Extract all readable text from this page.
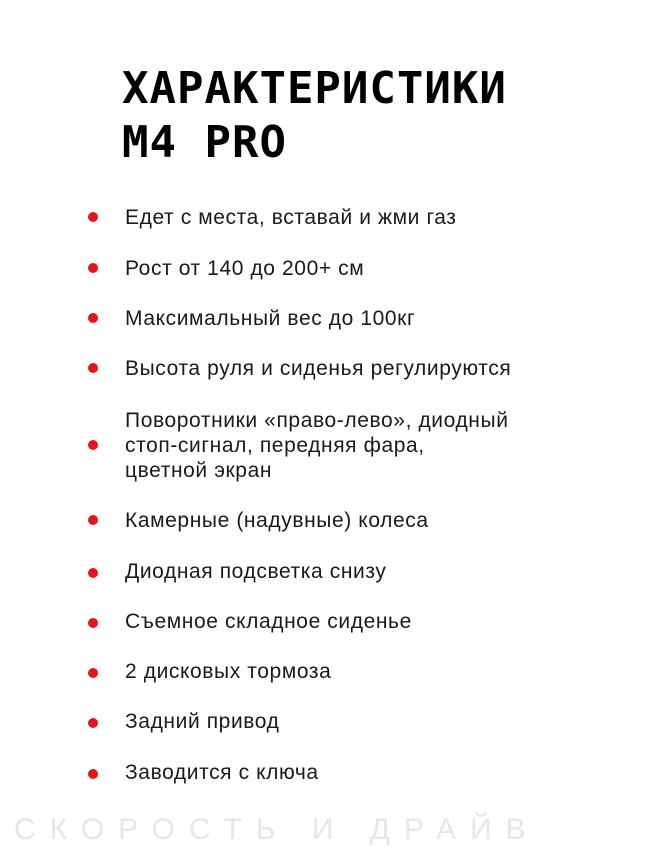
СКОРОСТЬ И ДРАЙВ
ХАРАКТЕРИСТИКИ
M4 PRO
Едет с места, вставай и жми газ
Рост от 140 до 200+ см
Максимальный вес до 100кг
Высота руля и сиденья регулируются
Поворотники «право-лево», диодный
стоп-сигнал, передняя фара,
цветной экран
Камерные (надувные) колеса
Диодная подсветка снизу
Съемное складное сиденье
2 дисковых тормоза
Задний привод
Заводится с ключа
